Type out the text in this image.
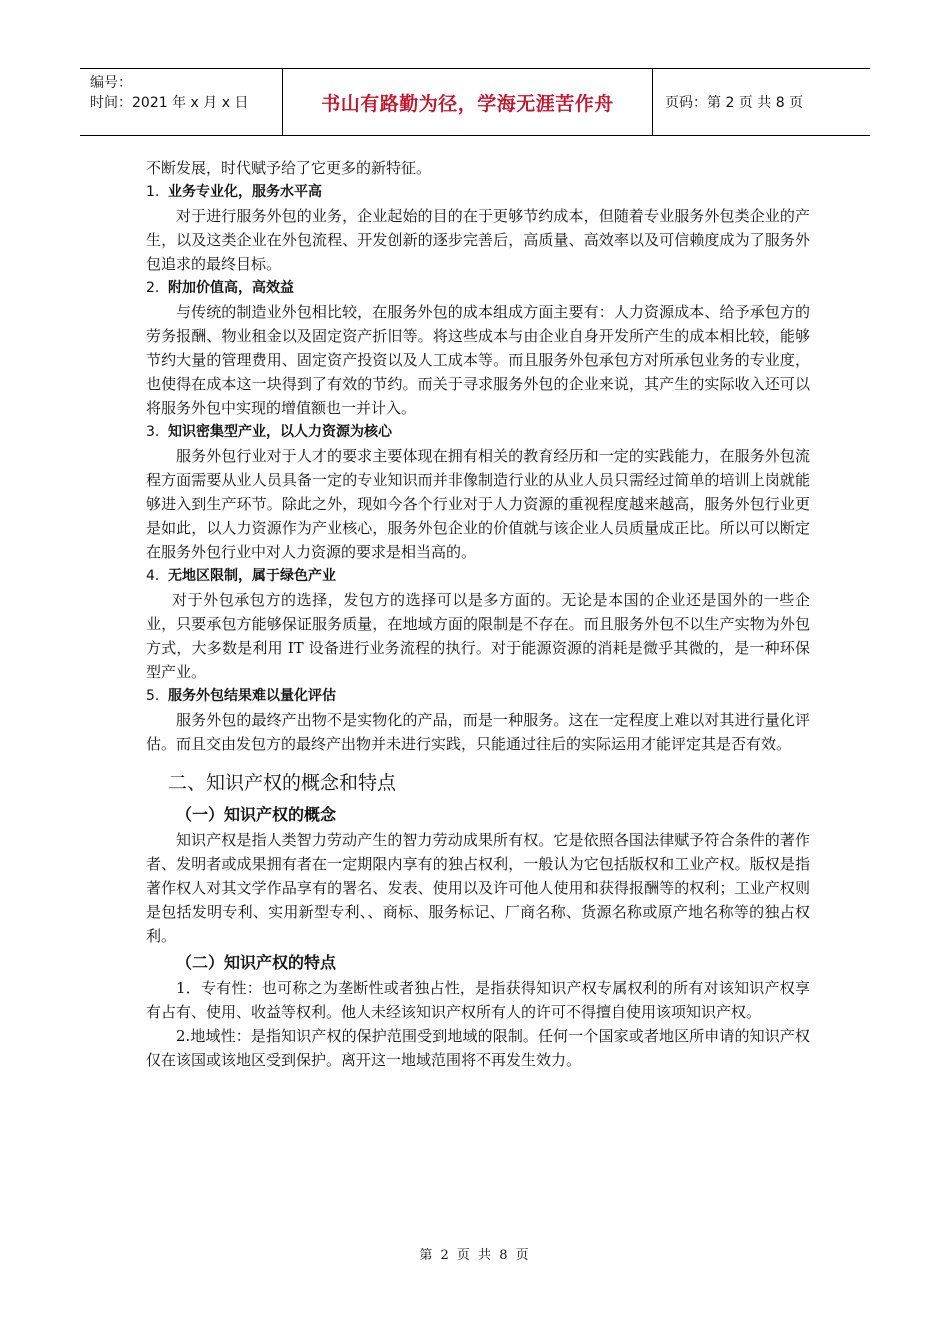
编号：
时间：2021 年 x 月 x 日	书山有路勤为径，学海无涯苦作舟	页码：第 2 页 共 8 页

不断发展，时代赋予给了它更多的新特征。

1. 业务专业化，服务水平高

对于进行服务外包的业务，企业起始的目的在于更够节约成本，但随着专业服务外包类企业的产生，以及这类企业在外包流程、开发创新的逐步完善后，高质量、高效率以及可信赖度成为了服务外包追求的最终目标。

2. 附加价值高，高效益

与传统的制造业外包相比较，在服务外包的成本组成方面主要有：人力资源成本、给予承包方的劳务报酬、物业租金以及固定资产折旧等。将这些成本与由企业自身开发所产生的成本相比较，能够节约大量的管理费用、固定资产投资以及人工成本等。而且服务外包承包方对所承包业务的专业度，也使得在成本这一块得到了有效的节约。而关于寻求服务外包的企业来说，其产生的实际收入还可以将服务外包中实现的增值额也一并计入。

3. 知识密集型产业，以人力资源为核心

服务外包行业对于人才的要求主要体现在拥有相关的教育经历和一定的实践能力，在服务外包流程方面需要从业人员具备一定的专业知识而并非像制造行业的从业人员只需经过简单的培训上岗就能够进入到生产环节。除此之外，现如今各个行业对于人力资源的重视程度越来越高，服务外包行业更是如此，以人力资源作为产业核心，服务外包企业的价值就与该企业人员质量成正比。所以可以断定在服务外包行业中对人力资源的要求是相当高的。

4. 无地区限制，属于绿色产业

对于外包承包方的选择，发包方的选择可以是多方面的。无论是本国的企业还是国外的一些企业，只要承包方能够保证服务质量，在地域方面的限制是不存在。而且服务外包不以生产实物为外包方式，大多数是利用 IT 设备进行业务流程的执行。对于能源资源的消耗是微乎其微的，是一种环保型产业。

5. 服务外包结果难以量化评估

服务外包的最终产出物不是实物化的产品，而是一种服务。这在一定程度上难以对其进行量化评估。而且交由发包方的最终产出物并未进行实践，只能通过往后的实际运用才能评定其是否有效。

二、知识产权的概念和特点
（一）知识产权的概念

知识产权是指人类智力劳动产生的智力劳动成果所有权。它是依照各国法律赋予符合条件的著作者、发明者或成果拥有者在一定期限内享有的独占权利，一般认为它包括版权和工业产权。版权是指著作权人对其文学作品享有的署名、发表、使用以及许可他人使用和获得报酬等的权利；工业产权则是包括发明专利、实用新型专利、、商标、服务标记、厂商名称、货源名称或原产地名称等的独占权利。

（二）知识产权的特点

1．专有性：也可称之为垄断性或者独占性，是指获得知识产权专属权利的所有对该知识产权享有占有、使用、收益等权利。他人未经该知识产权所有人的许可不得擅自使用该项知识产权。

2.地域性：是指知识产权的保护范围受到地域的限制。任何一个国家或者地区所申请的知识产权仅在该国或该地区受到保护。离开这一地域范围将不再发生效力。

第 2 页 共 8 页
